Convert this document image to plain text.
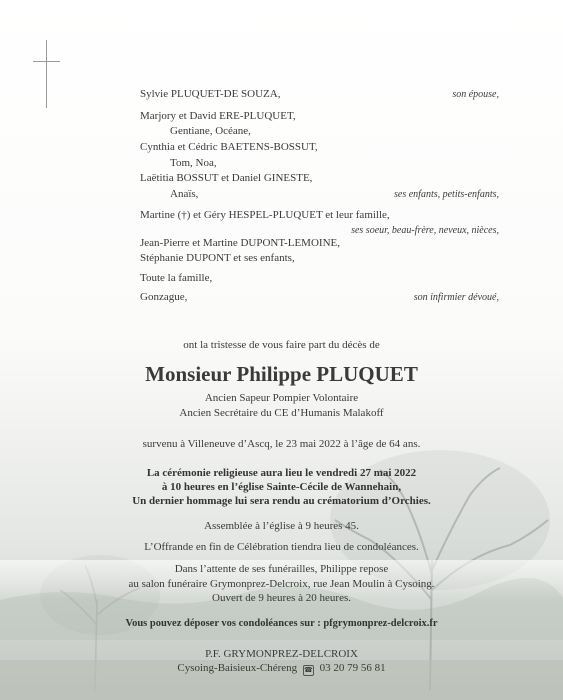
Sylvie PLUQUET-DE SOUZA,	son épouse,
Marjory et David ERE-PLUQUET,
Gentiane, Océane,
Cynthia et Cédric BAETENS-BOSSUT,
Tom, Noa,
Laëtitia BOSSUT et Daniel GINESTE,
Anaïs,	ses enfants, petits-enfants,
Martine (†) et Géry HESPEL-PLUQUET et leur famille,
ses soeur, beau-frère, neveux, nièces,
Jean-Pierre et Martine DUPONT-LEMOINE,
Stéphanie DUPONT et ses enfants,
Toute la famille,
Gonzague,	son infirmier dévoué,
ont la tristesse de vous faire part du décès de
Monsieur Philippe PLUQUET
Ancien Sapeur Pompier Volontaire
Ancien Secrétaire du CE d’Humanis Malakoff
survenu à Villeneuve d’Ascq, le 23 mai 2022 à l’âge de 64 ans.
La cérémonie religieuse aura lieu le vendredi 27 mai 2022
à 10 heures en l’église Sainte-Cécile de Wannehain,
Un dernier hommage lui sera rendu au crématorium d’Orchies.
Assemblée à l’église à 9 heures 45.
L’Offrande en fin de Célébration tiendra lieu de condoléances.
Dans l’attente de ses funérailles, Philippe repose
au salon funéraire Grymonprez-Delcroix, rue Jean Moulin à Cysoing.
Ouvert de 9 heures à 20 heures.
Vous pouvez déposer vos condoléances sur : pfgrymonprez-delcroix.fr
P.F. GRYMONPREZ-DELCROIX
Cysoing-Baisieux-Chéreng ☎ 03 20 79 56 81
